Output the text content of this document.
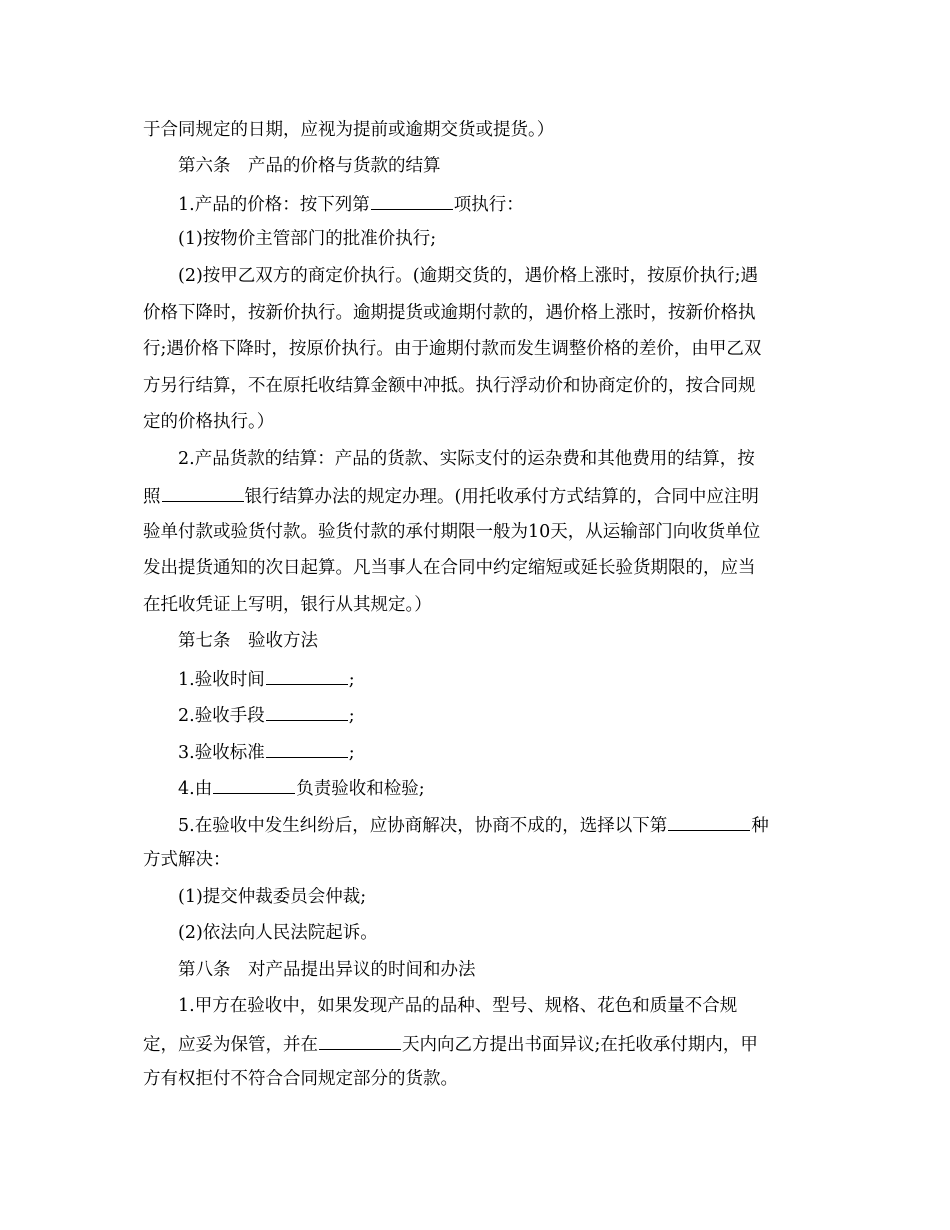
于合同规定的日期，应视为提前或逾期交货或提货。）
第六条　产品的价格与货款的结算
1.产品的价格：按下列第	项执行：
(1)按物价主管部门的批准价执行;
(2)按甲乙双方的商定价执行。(逾期交货的，遇价格上涨时，按原价执行;遇
价格下降时，按新价执行。逾期提货或逾期付款的，遇价格上涨时，按新价格执
行;遇价格下降时，按原价执行。由于逾期付款而发生调整价格的差价，由甲乙双
方另行结算，不在原托收结算金额中冲抵。执行浮动价和协商定价的，按合同规
定的价格执行。）
2.产品货款的结算：产品的货款、实际支付的运杂费和其他费用的结算，按
照	银行结算办法的规定办理。(用托收承付方式结算的，合同中应注明
验单付款或验货付款。验货付款的承付期限一般为10天，从运输部门向收货单位
发出提货通知的次日起算。凡当事人在合同中约定缩短或延长验货期限的，应当
在托收凭证上写明，银行从其规定。）
第七条　验收方法
1.验收时间	;
2.验收手段	;
3.验收标准	;
4.由	负责验收和检验;
5.在验收中发生纠纷后，应协商解决，协商不成的，选择以下第	种
方式解决：
(1)提交仲裁委员会仲裁;
(2)依法向人民法院起诉。
第八条　对产品提出异议的时间和办法
1.甲方在验收中，如果发现产品的品种、型号、规格、花色和质量不合规
定，应妥为保管，并在	天内向乙方提出书面异议;在托收承付期内，甲
方有权拒付不符合合同规定部分的货款。
